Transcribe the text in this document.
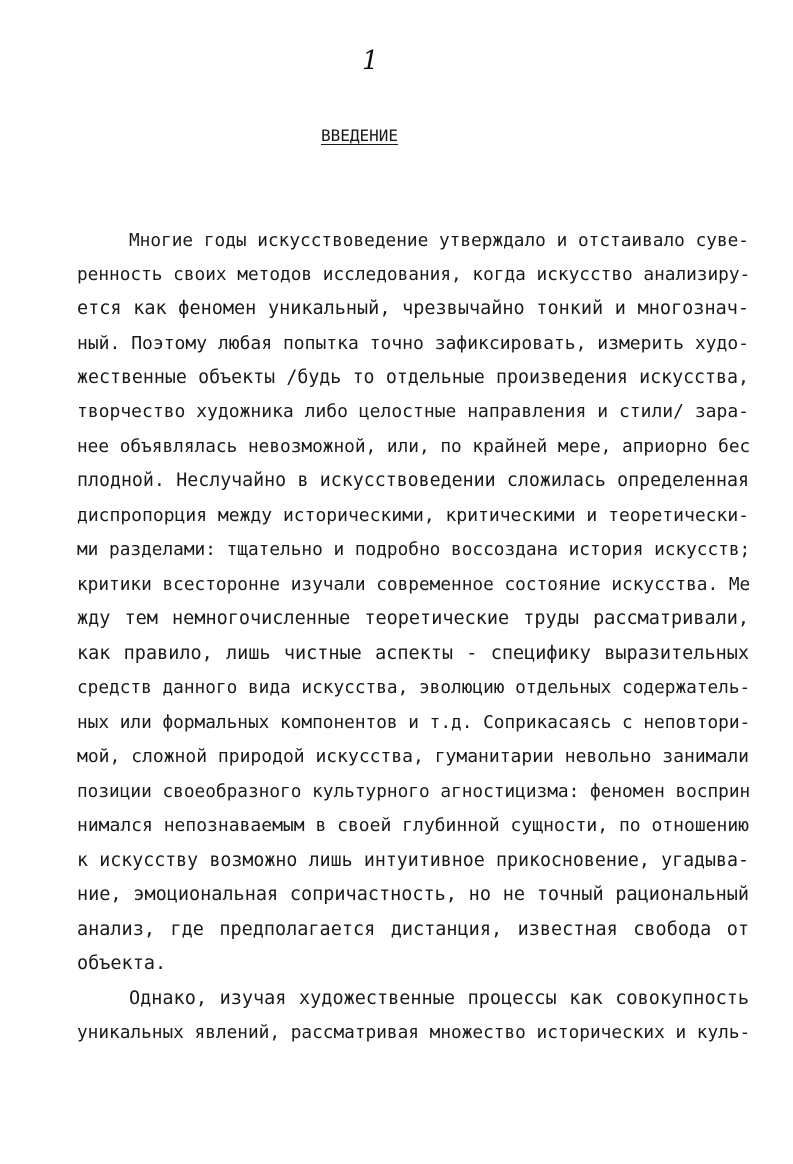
1
ВВЕДЕНИЕ
Многие годы искусствоведение утверждало и отстаивало суве-
ренность своих методов исследования, когда искусство анализиру-
ется как феномен уникальный, чрезвычайно тонкий и многознач-
ный. Поэтому любая попытка точно зафиксировать, измерить худо-
жественные объекты /будь то отдельные произведения искусства,
творчество художника либо целостные направления и стили/ зара-
нее объявлялась невозможной, или, по крайней мере, априорно бес
плодной. Неслучайно в искусствоведении сложилась определенная
диспропорция между историческими, критическими и теоретически-
ми разделами: тщательно и подробно воссоздана история искусств;
критики всесторонне изучали современное состояние искусства. Ме
жду тем немногочисленные теоретические труды рассматривали,
как правило, лишь чистные аспекты - специфику выразительных
средств данного вида искусства, эволюцию отдельных содержатель-
ных или формальных компонентов и т.д. Соприкасаясь с неповтори-
мой, сложной природой искусства, гуманитарии невольно занимали
позиции своеобразного культурного агностицизма: феномен восприн
нимался непознаваемым в своей глубинной сущности, по отношению
к искусству возможно лишь интуитивное прикосновение, угадыва-
ние, эмоциональная сопричастность, но не точный рациональный
анализ, где предполагается дистанция, известная свобода от
объекта.
Однако, изучая художественные процессы как совокупность
уникальных явлений, рассматривая множество исторических и куль-
